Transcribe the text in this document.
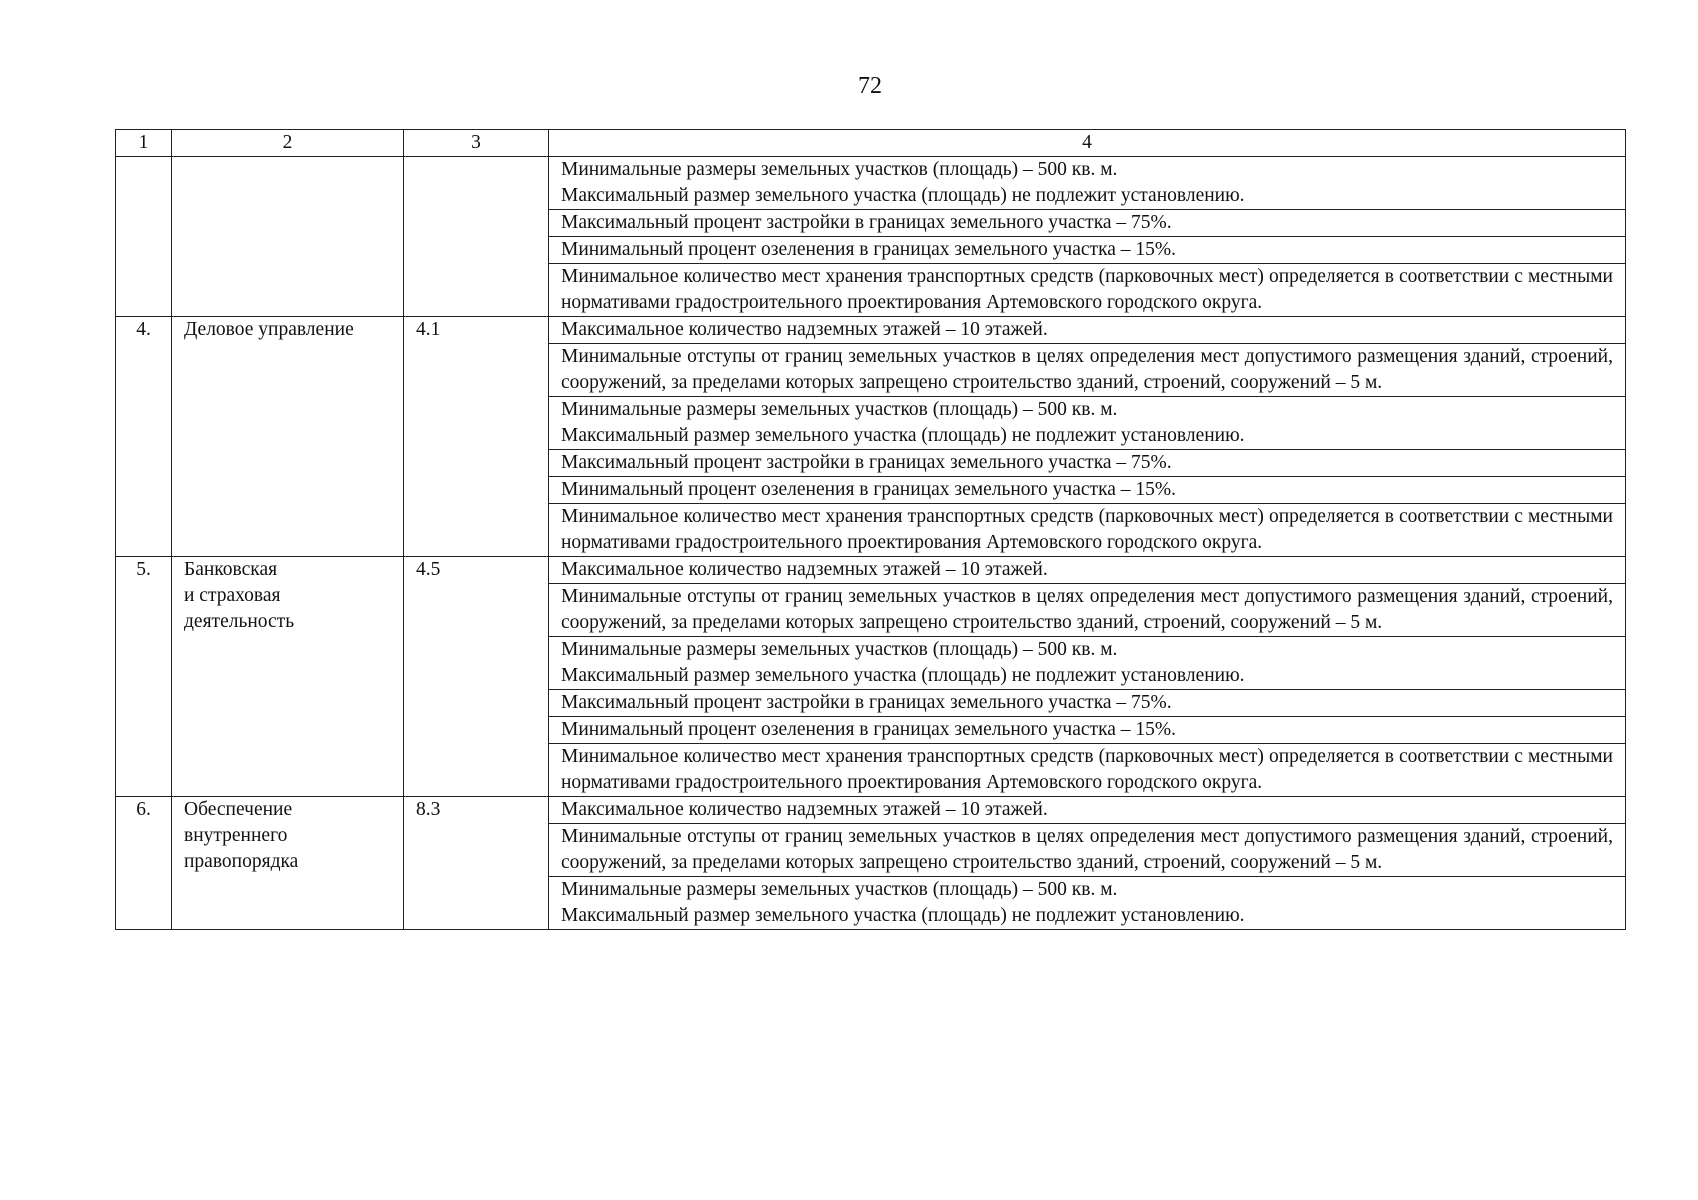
72
1	2	3	4

			Минимальные размеры земельных участков (площадь) – 500 кв. м.
Максимальный размер земельного участка (площадь) не подлежит установлению.

			Максимальный процент застройки в границах земельного участка – 75%.

			Минимальный процент озеленения в границах земельного участка – 15%.

			Минимальное количество мест хранения транспортных средств (парковочных мест) определяется в соответствии с местными нормативами градостроительного проектирования Артемовского городского округа.

4.	Деловое управление	4.1	Максимальное количество надземных этажей – 10 этажей.

			Минимальные отступы от границ земельных участков в целях определения мест допустимого размещения зданий, строений, сооружений, за пределами которых запрещено строительство зданий, строений, сооружений – 5 м.

			Минимальные размеры земельных участков (площадь) – 500 кв. м.
Максимальный размер земельного участка (площадь) не подлежит установлению.

			Максимальный процент застройки в границах земельного участка – 75%.

			Минимальный процент озеленения в границах земельного участка – 15%.

			Минимальное количество мест хранения транспортных средств (парковочных мест) определяется в соответствии с местными нормативами градостроительного проектирования Артемовского городского округа.

5.	Банковская
и страховая
деятельность	4.5	Максимальное количество надземных этажей – 10 этажей.

			Минимальные отступы от границ земельных участков в целях определения мест допустимого размещения зданий, строений, сооружений, за пределами которых запрещено строительство зданий, строений, сооружений – 5 м.

			Минимальные размеры земельных участков (площадь) – 500 кв. м.
Максимальный размер земельного участка (площадь) не подлежит установлению.

			Максимальный процент застройки в границах земельного участка – 75%.

			Минимальный процент озеленения в границах земельного участка – 15%.

			Минимальное количество мест хранения транспортных средств (парковочных мест) определяется в соответствии с местными нормативами градостроительного проектирования Артемовского городского округа.

6.	Обеспечение
внутреннего
правопорядка	8.3	Максимальное количество надземных этажей – 10 этажей.

			Минимальные отступы от границ земельных участков в целях определения мест допустимого размещения зданий, строений, сооружений, за пределами которых запрещено строительство зданий, строений, сооружений – 5 м.

			Минимальные размеры земельных участков (площадь) – 500 кв. м.
Максимальный размер земельного участка (площадь) не подлежит установлению.
